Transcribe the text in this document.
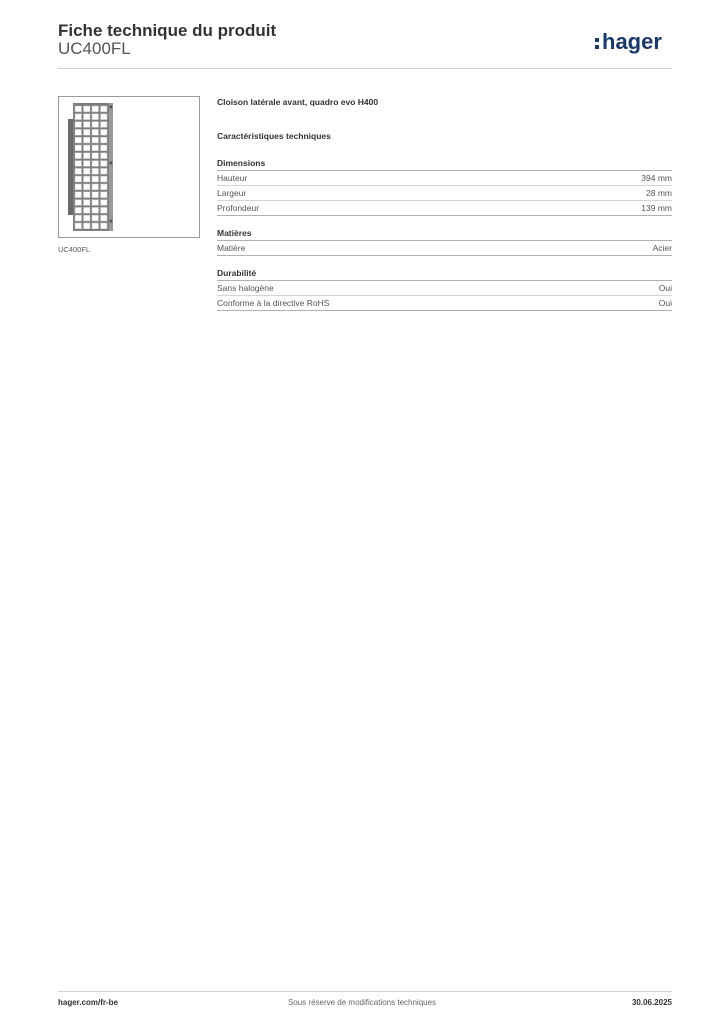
Fiche technique du produit
UC400FL	hager
UC400FL
Cloison latérale avant, quadro evo H400
Caractéristiques techniques
Dimensions
Hauteur	394 mm
Largeur	28 mm
Profondeur	139 mm
Matières
Matière	Acier
Durabilité
Sans halogène	Oui
Conforme à la directive RoHS	Oui
hager.com/fr-be	Sous réserve de modifications techniques	30.06.2025
